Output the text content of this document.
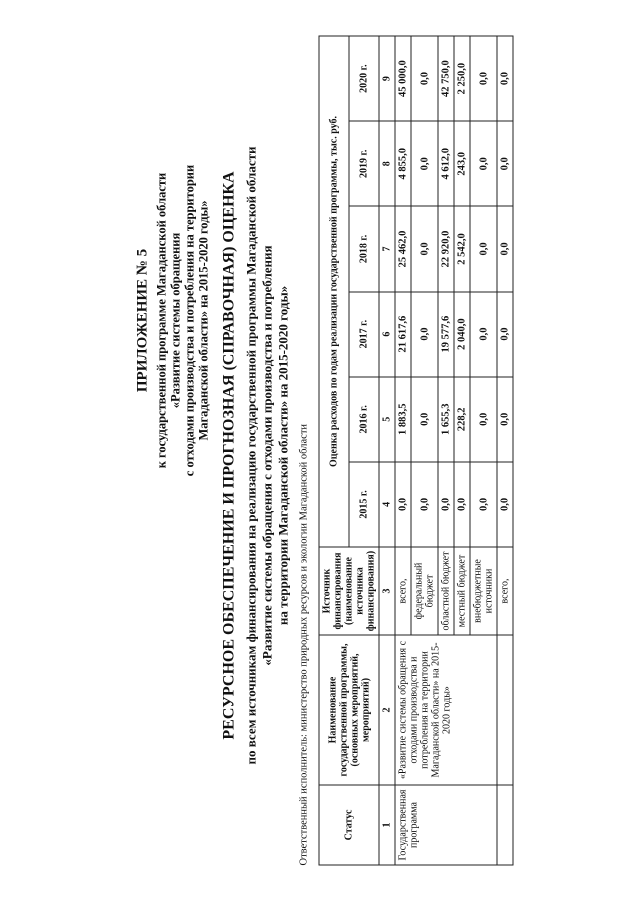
ПРИЛОЖЕНИЕ № 5 к государственной программе Магаданской области «Развитие системы обращения с отходами производства и потребления на территории Магаданской области» на 2015-2020 годы» РЕСУРСНОЕ ОБЕСПЕЧЕНИЕ И ПРОГНОЗНАЯ (СПРАВОЧНАЯ) ОЦЕНКА по всем источникам финансирования на реализацию государственной программы Магаданской области «Развитие системы обращения с отходами производства и потребления на территории Магаданской области» на 2015-2020 годы» Ответственный исполнитель: министерство природных ресурсов и экологии Магаданской области	Статус	Наименование государственной программы, (основных мероприятий, мероприятий)	Источник финансирования (наименование источника финансирования)	Оценка расходов по годам реализации государственной программы, тыс. руб.					
			2015 г.	2016 г.	2017 г.	2018 г.	2019 г.	2020 г.
1	2	3	4	5	6	7	8	9
Государственная программа	«Развитие системы обращения с отходами производства и потребления на территории Магаданской области» на 2015-2020 годы»	всего,	0,0	1 883,5	21 617,6	25 462,0	4 855,0	45 000,0
		федеральный бюджет	0,0	0,0	0,0	0,0	0,0	0,0
		областной бюджет	0,0	1 655,3	19 577,6	22 920,0	4 612,0	42 750,0
		местный бюджет	0,0	228,2	2 040,0	2 542,0	243,0	2 250,0
		внебюджетные источники	0,0	0,0	0,0	0,0	0,0	0,0
		всего,	0,0	0,0	0,0	0,0	0,0	0,0
